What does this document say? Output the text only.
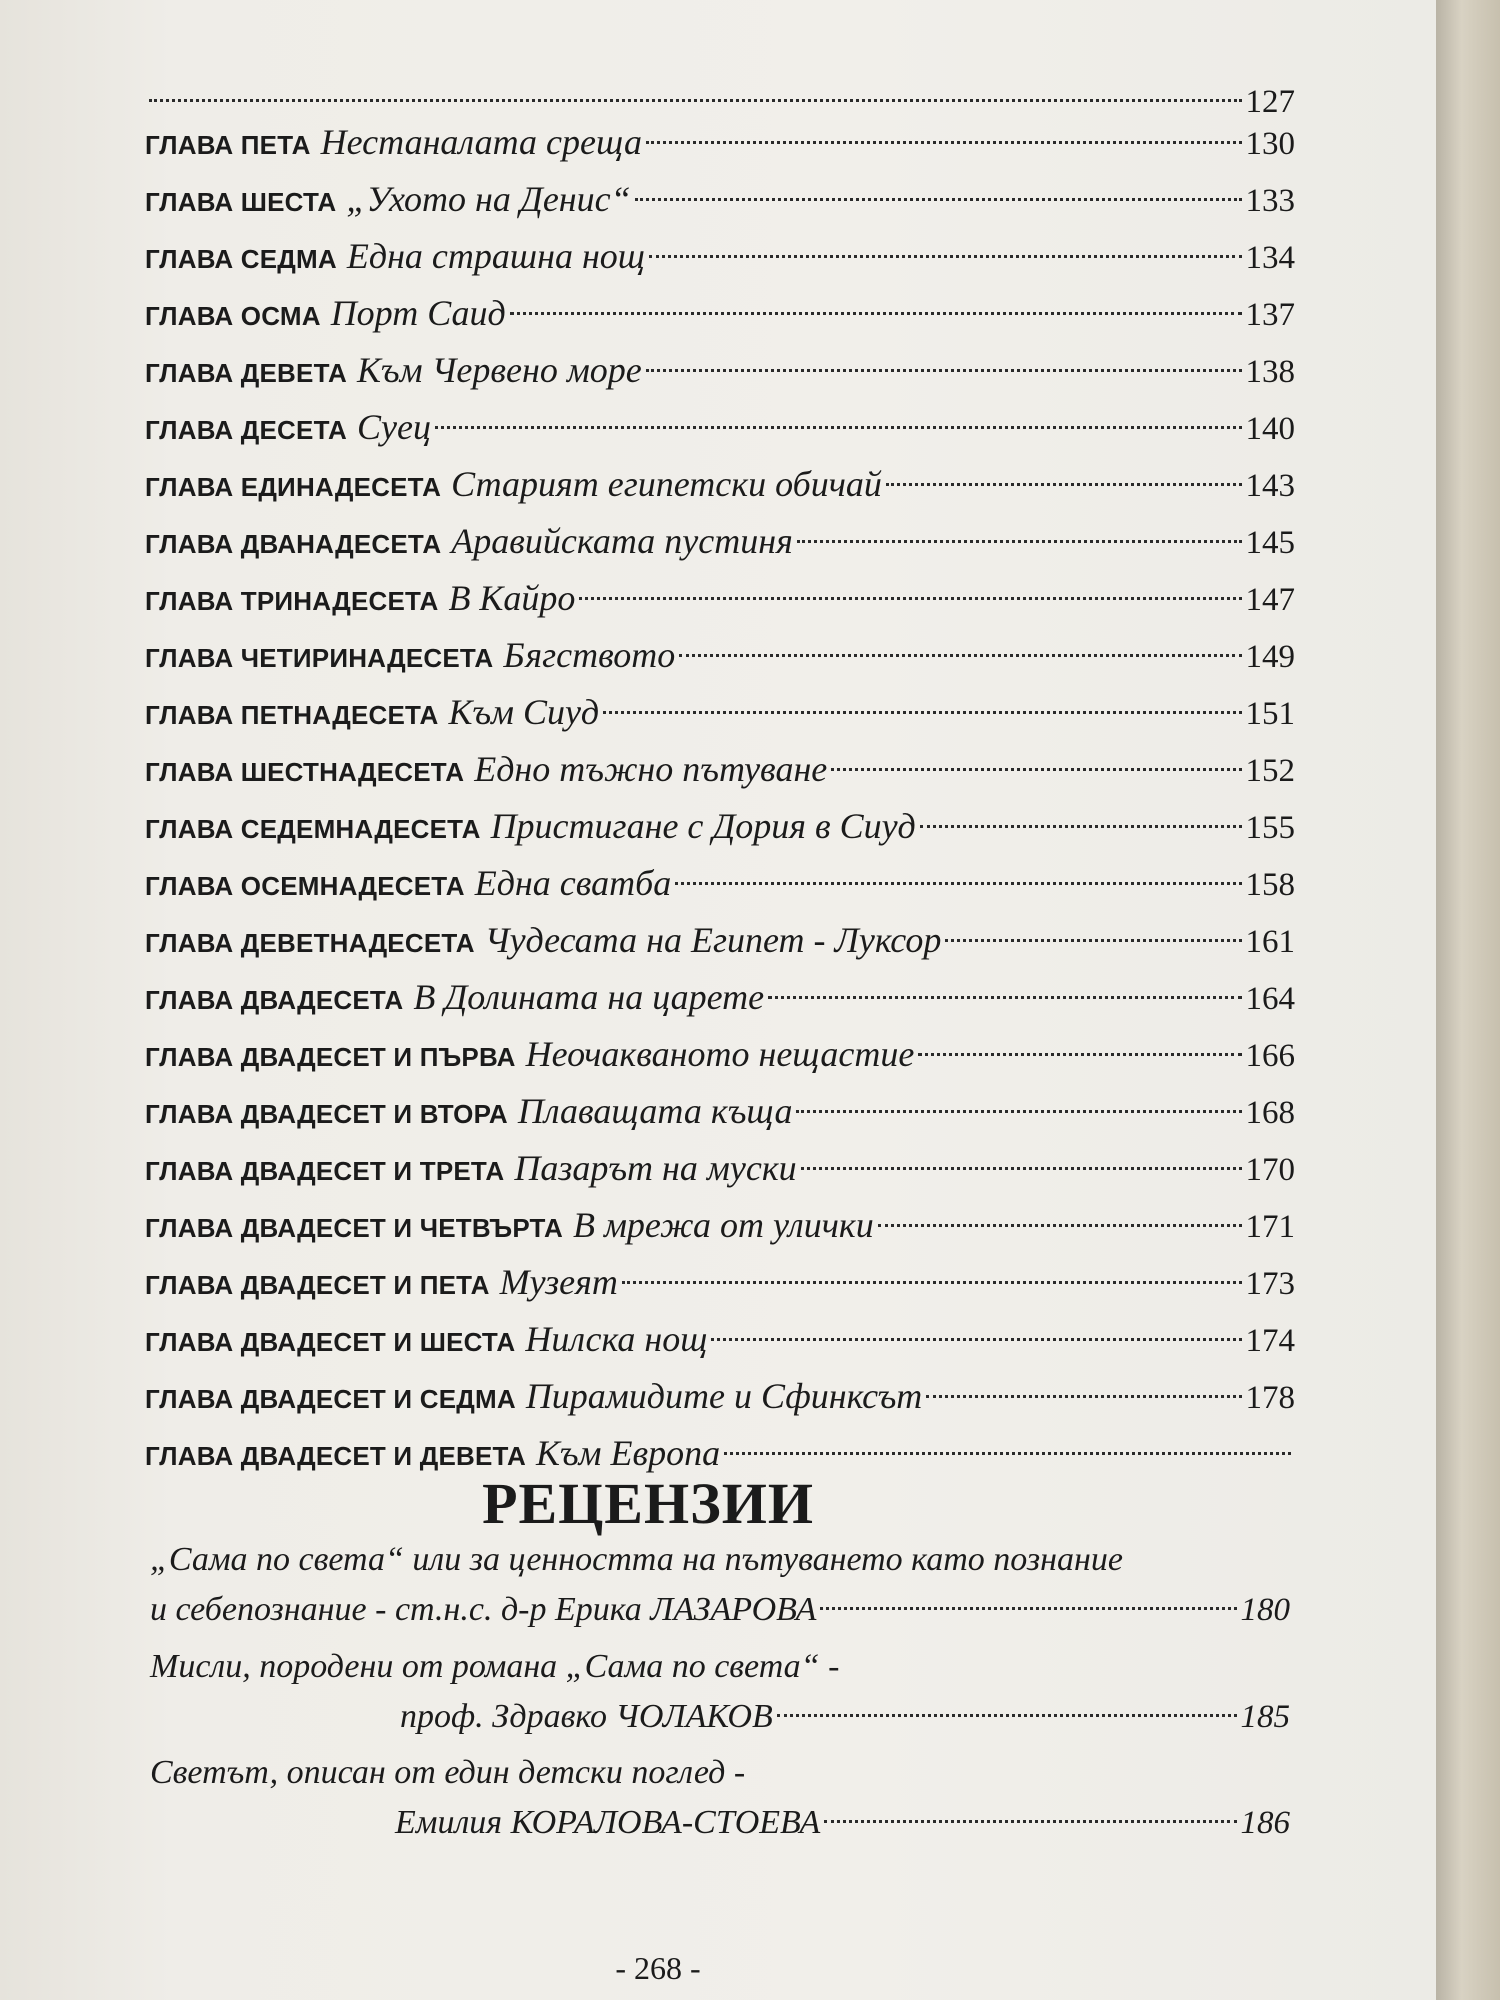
127
ГЛАВА ПЕТА Нестаналата среща	130
ГЛАВА ШЕСТА „Ухото на Денис“	133
ГЛАВА СЕДМА Една страшна нощ	134
ГЛАВА ОСМА Порт Саид	137
ГЛАВА ДЕВЕТА Към Червено море	138
ГЛАВА ДЕСЕТА Суец	140
ГЛАВА ЕДИНАДЕСЕТА Старият египетски обичай	143
ГЛАВА ДВАНАДЕСЕТА Аравийската пустиня	145
ГЛАВА ТРИНАДЕСЕТА В Кайро	147
ГЛАВА ЧЕТИРИНАДЕСЕТА Бягството	149
ГЛАВА ПЕТНАДЕСЕТА Към Сиуд	151
ГЛАВА ШЕСТНАДЕСЕТА Едно тъжно пътуване	152
ГЛАВА СЕДЕМНАДЕСЕТА Пристигане с Дория в Сиуд	155
ГЛАВА ОСЕМНАДЕСЕТА Една сватба	158
ГЛАВА ДЕВЕТНАДЕСЕТА Чудесата на Египет - Луксор	161
ГЛАВА ДВАДЕСЕТА В Долината на царете	164
ГЛАВА ДВАДЕСЕТ И ПЪРВА Неочакваното нещастие	166
ГЛАВА ДВАДЕСЕТ И ВТОРА Плаващата къща	168
ГЛАВА ДВАДЕСЕТ И ТРЕТА Пазарът на муски	170
ГЛАВА ДВАДЕСЕТ И ЧЕТВЪРТА В мрежа от улички	171
ГЛАВА ДВАДЕСЕТ И ПЕТА Музеят	173
ГЛАВА ДВАДЕСЕТ И ШЕСТА Нилска нощ	174
ГЛАВА ДВАДЕСЕТ И СЕДМА Пирамидите и Сфинксът	178
ГЛАВА ДВАДЕСЕТ И ДЕВЕТА Към Европа
РЕЦЕНЗИИ
„Сама по света“ или за ценността на пътуването като познание
и себепознание - ст.н.с. д-р Ерика ЛАЗАРОВА	180
Мисли, породени от романа „Сама по света“ -
проф. Здравко ЧОЛАКОВ	185
Светът, описан от един детски поглед -
Емилия КОРАЛОВА-СТОЕВА	186
- 268 -
